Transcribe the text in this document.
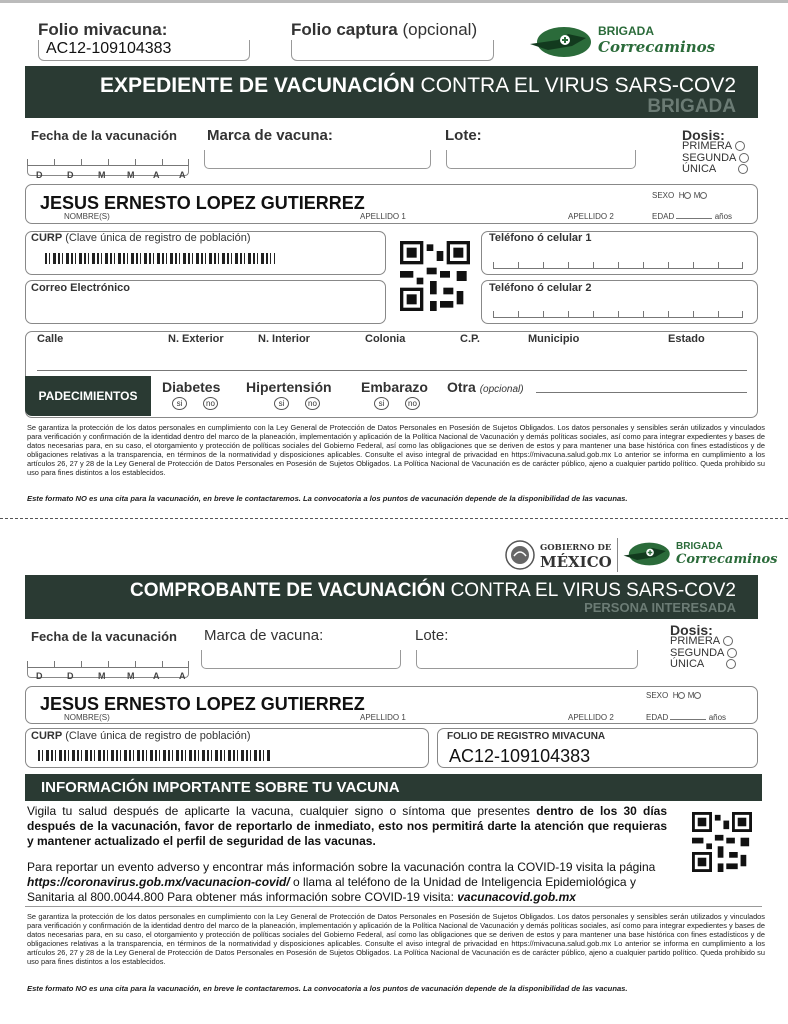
Folio mivacuna:
AC12-109104383
Folio captura (opcional)	BRIGADA
Correcaminos
EXPEDIENTE DE VACUNACIÓN CONTRA EL VIRUS SARS-COV2
BRIGADA
Fecha de la vacunación
D	D	M M A A
Marca de vacuna:	Lote:	Dosis:
PRIMERA
SEGUNDA
ÚNICA
JESUS ERNESTO LOPEZ GUTIERREZ
NOMBRE(S)	APELLIDO 1	APELLIDO 2
SEXO H M
EDAD	años
CURP (Clave única de registro de población)	Teléfono ó celular 1
Correo Electrónico	Teléfono ó celular 2
Calle	N. Exterior	N. Interior	Colonia	C.P.	Municipio	Estado
PADECIMIENTOS
Diabetes Hipertensión Embarazo Otra (opcional)
si	no	si	no	si	no
Se garantiza la protección de los datos personales en cumplimiento con la Ley General de Protección de Datos Personales en Posesión de Sujetos Obligados. Los datos personales y sensibles serán utilizados y vinculados para verificación y confirmación de la identidad dentro del marco de la planeación, implementación y aplicación de la Política Nacional de Vacunación y demás políticas sociales, así como para integrar expedientes y bases de datos necesarias para, en su caso, el otorgamiento y protección de políticas sociales del Gobierno Federal, así como las obligaciones que se deriven de estos y para mantener una base histórica con fines estadísticos y de obligaciones relativas a la transparencia, en términos de la normatividad y disposiciones aplicables. Consulte el aviso integral de privacidad en https://mivacuna.salud.gob.mx Lo anterior se informa en cumplimiento a los artículos 26, 27 y 28 de la Ley General de Protección de Datos Personales en Posesión de Sujetos Obligados. La Política Nacional de Vacunación es de carácter público, ajeno a cualquier partido político. Queda prohibido su uso para fines distintos a los establecidos.
Este formato NO es una cita para la vacunación, en breve le contactaremos. La convocatoria a los puntos de vacunación depende de la disponibilidad de las vacunas.
GOBIERNO DE
MÉXICO
BRIGADA
Correcaminos
COMPROBANTE DE VACUNACIÓN CONTRA EL VIRUS SARS-COV2
PERSONA INTERESADA
Fecha de la vacunación
D	D	M M A A
Marca de vacuna:	Lote:	Dosis:
PRIMERA
SEGUNDA
ÚNICA
JESUS ERNESTO LOPEZ GUTIERREZ
NOMBRE(S)	APELLIDO 1	APELLIDO 2
SEXO H M
EDAD	años
CURP (Clave única de registro de población)	FOLIO DE REGISTRO MIVACUNA
AC12-109104383
INFORMACIÓN IMPORTANTE SOBRE TU VACUNA
Vigila tu salud después de aplicarte la vacuna, cualquier signo o síntoma que presentes dentro de los 30 días después de la vacunación, favor de reportarlo de inmediato, esto nos permitirá darte la atención que requieras y mantener actualizado el perfil de seguridad de las vacunas.
Para reportar un evento adverso y encontrar más información sobre la vacunación contra la COVID-19 visita la página https://coronavirus.gob.mx/vacunacion-covid/ o llama al teléfono de la Unidad de Inteligencia Epidemiológica y Sanitaria al 800.0044.800 Para obtener más información sobre COVID-19 visita: vacunacovid.gob.mx
Se garantiza la protección de los datos personales en cumplimiento con la Ley General de Protección de Datos Personales en Posesión de Sujetos Obligados. Los datos personales y sensibles serán utilizados y vinculados para verificación y confirmación de la identidad dentro del marco de la planeación, implementación y aplicación de la Política Nacional de Vacunación y demás políticas sociales, así como para integrar expedientes y bases de datos necesarias para, en su caso, el otorgamiento y protección de políticas sociales del Gobierno Federal, así como las obligaciones que se deriven de estos y para mantener una base histórica con fines estadísticos y de obligaciones relativas a la transparencia, en términos de la normatividad y disposiciones aplicables. Consulte el aviso integral de privacidad en https://mivacuna.salud.gob.mx Lo anterior se informa en cumplimiento a los artículos 26, 27 y 28 de la Ley General de Protección de Datos Personales en Posesión de Sujetos Obligados. La Política Nacional de Vacunación es de carácter público, ajeno a cualquier partido político. Queda prohibido su uso para fines distintos a los establecidos.
Este formato NO es una cita para la vacunación, en breve le contactaremos. La convocatoria a los puntos de vacunación depende de la disponibilidad de las vacunas.
